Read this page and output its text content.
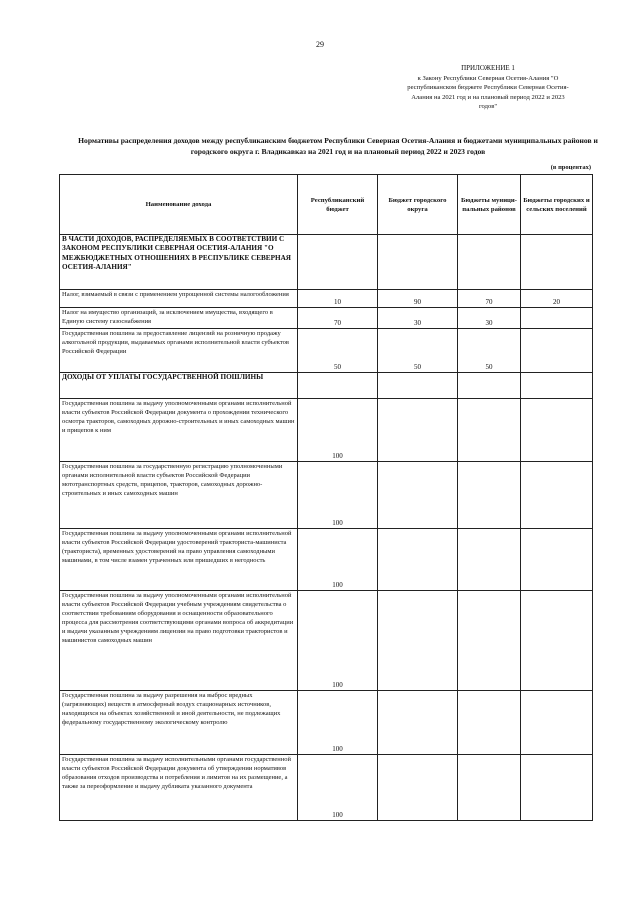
29
ПРИЛОЖЕНИЕ 1
к Закону Республики Северная Осетия-Алания "О
республиканском бюджете Республики Северная Осетия-
Алания на 2021 год и на плановый период 2022 и 2023
годов"
Нормативы распределения доходов между республиканским бюджетом Республики Северная Осетия-Алания и бюджетами муниципальных районов и городского округа г. Владикавказ на 2021 год и на плановый период 2022 и 2023 годов
(в процентах)
Наименование дохода	Республиканский бюджет	Бюджет городского округа	Бюджеты муници-пальных районов	Бюджеты городских и сельских поселений
В ЧАСТИ ДОХОДОВ, РАСПРЕДЕЛЯЕМЫХ В СООТВЕТСТВИИ С ЗАКОНОМ РЕСПУБЛИКИ СЕВЕРНАЯ ОСЕТИЯ-АЛАНИЯ "О МЕЖБЮДЖЕТНЫХ ОТНОШЕНИЯХ В РЕСПУБЛИКЕ СЕВЕРНАЯ ОСЕТИЯ-АЛАНИЯ"				
Налог, взимаемый в связи с применением упрощенной системы налогообложения	10	90	70	20
Налог на имущество организаций, за исключением имущества, входящего в Единую систему газоснабжения	70	30	30	
Государственная пошлина за предоставление лицензий на розничную продажу алкогольной продукции, выдаваемых органами исполнительной власти субъектов Российской Федерации	50	50	50	
ДОХОДЫ ОТ УПЛАТЫ ГОСУДАРСТВЕННОЙ ПОШЛИНЫ				
Государственная пошлина за выдачу уполномоченными органами исполнительной власти субъектов Российской Федерации документа о прохождении технического осмотра тракторов, самоходных дорожно-строительных и иных самоходных машин и прицепов к ним	100			
Государственная пошлина за государственную регистрацию уполномоченными органами исполнительной власти субъектов Российской Федерации мототранспортных средств, прицепов, тракторов, самоходных дорожно-строительных и иных самоходных машин	100			
Государственная пошлина за выдачу уполномоченными органами исполнительной власти субъектов Российской Федерации удостоверений тракториста-машиниста (тракториста), временных удостоверений на право управления самоходными машинами, в том числе взамен утраченных или пришедших в негодность	100			
Государственная пошлина за выдачу уполномоченными органами исполнительной власти субъектов Российской Федерации учебным учреждениям свидетельства о соответствии требованиям оборудования и оснащенности образовательного процесса для рассмотрения соответствующими органами вопроса об аккредитации и выдачи указанным учреждениям лицензии на право подготовки трактористов и машинистов самоходных машин	100			
Государственная пошлина за выдачу разрешения на выброс вредных (загрязняющих) веществ в атмосферный воздух стационарных источников, находящихся на объектах хозяйственной и иной деятельности, не подлежащих федеральному государственному экологическому контролю	100			
Государственная пошлина за выдачу исполнительными органами государственной власти субъектов Российской Федерации документа об утверждении нормативов образования отходов производства и потребления и лимитов на их размещение, а также за переоформление и выдачу дубликата указанного документа	100			
